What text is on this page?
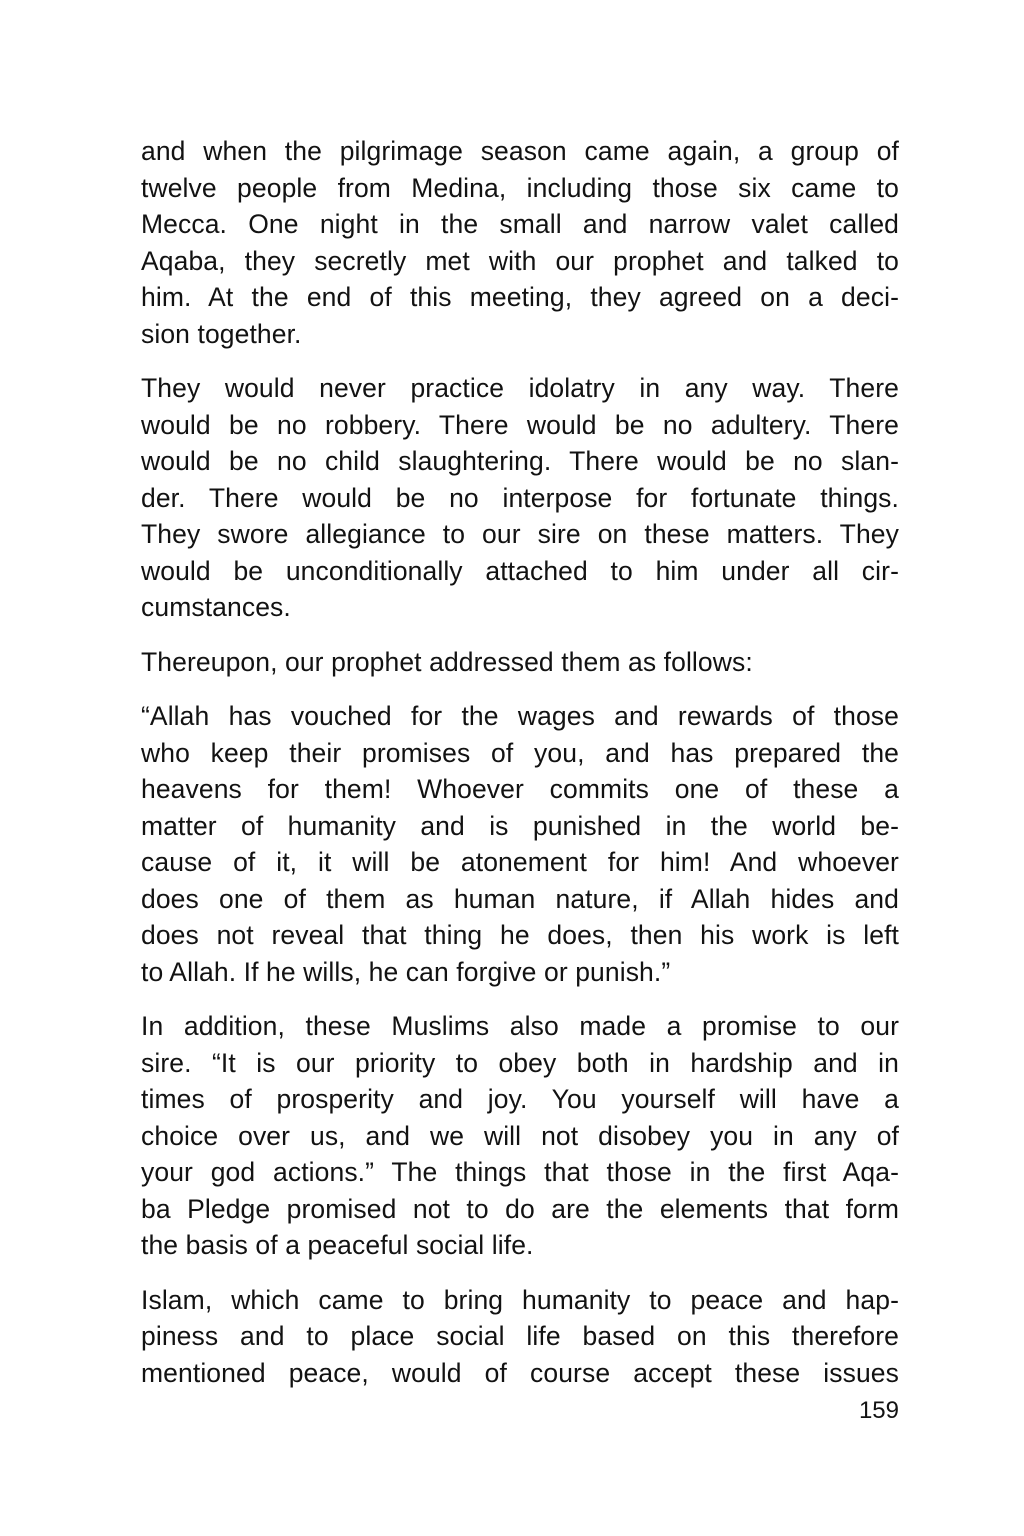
and when the pilgrimage season came again, a group of
twelve people from Medina, including those six came to
Mecca. One night in the small and narrow valet called
Aqaba, they secretly met with our prophet and talked to
him. At the end of this meeting, they agreed on a deci-
sion together.
They would never practice idolatry in any way. There
would be no robbery. There would be no adultery. There
would be no child slaughtering. There would be no slan-
der. There would be no interpose for fortunate things.
They swore allegiance to our sire on these matters. They
would be unconditionally attached to him under all cir-
cumstances.
Thereupon, our prophet addressed them as follows:
“Allah has vouched for the wages and rewards of those
who keep their promises of you, and has prepared the
heavens for them! Whoever commits one of these a
matter of humanity and is punished in the world be-
cause of it, it will be atonement for him! And whoever
does one of them as human nature, if Allah hides and
does not reveal that thing he does, then his work is left
to Allah. If he wills, he can forgive or punish.”
In addition, these Muslims also made a promise to our
sire. “It is our priority to obey both in hardship and in
times of prosperity and joy. You yourself will have a
choice over us, and we will not disobey you in any of
your god actions.” The things that those in the first Aqa-
ba Pledge promised not to do are the elements that form
the basis of a peaceful social life.
Islam, which came to bring humanity to peace and hap-
piness and to place social life based on this therefore
mentioned peace, would of course accept these issues
159
